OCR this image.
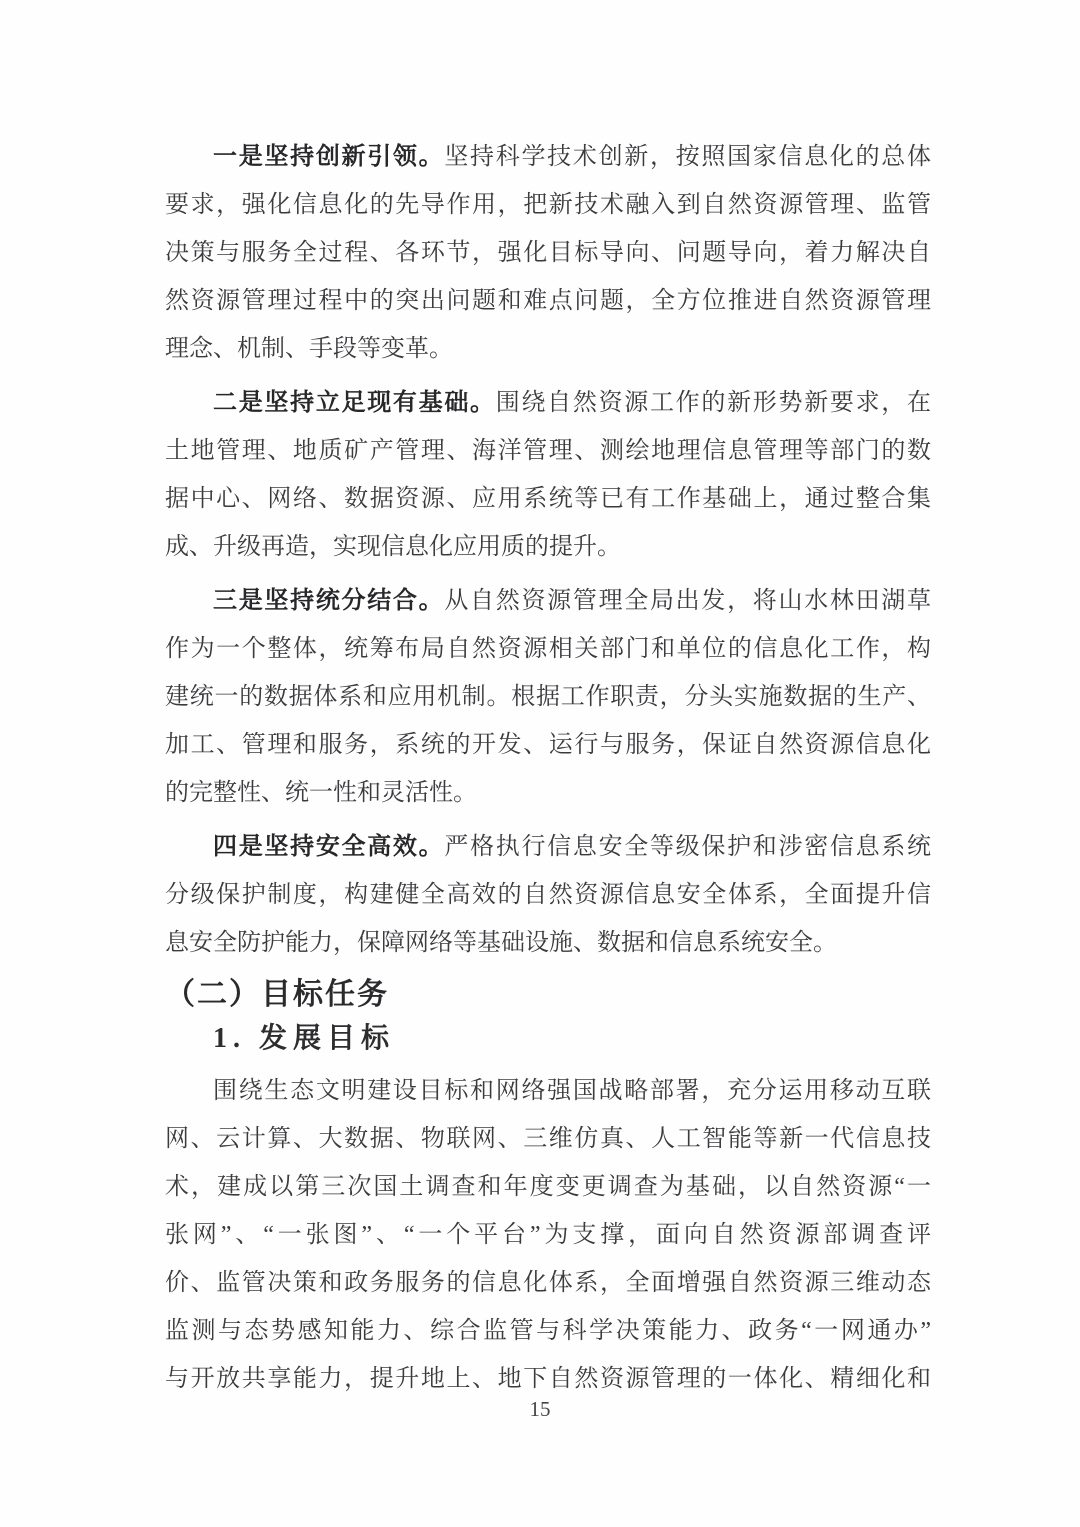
一是坚持创新引领。坚持科学技术创新，按照国家信息化的总体
要求，强化信息化的先导作用，把新技术融入到自然资源管理、监管
决策与服务全过程、各环节，强化目标导向、问题导向，着力解决自
然资源管理过程中的突出问题和难点问题，全方位推进自然资源管理
理念、机制、手段等变革。
二是坚持立足现有基础。围绕自然资源工作的新形势新要求，在
土地管理、地质矿产管理、海洋管理、测绘地理信息管理等部门的数
据中心、网络、数据资源、应用系统等已有工作基础上，通过整合集
成、升级再造，实现信息化应用质的提升。
三是坚持统分结合。从自然资源管理全局出发，将山水林田湖草
作为一个整体，统筹布局自然资源相关部门和单位的信息化工作，构
建统一的数据体系和应用机制。根据工作职责，分头实施数据的生产、
加工、管理和服务，系统的开发、运行与服务，保证自然资源信息化
的完整性、统一性和灵活性。
四是坚持安全高效。严格执行信息安全等级保护和涉密信息系统
分级保护制度，构建健全高效的自然资源信息安全体系，全面提升信
息安全防护能力，保障网络等基础设施、数据和信息系统安全。
（二）目标任务
1. 发展目标
围绕生态文明建设目标和网络强国战略部署，充分运用移动互联
网、云计算、大数据、物联网、三维仿真、人工智能等新一代信息技
术，建成以第三次国土调查和年度变更调查为基础，以自然资源“一
张网”、“一张图”、“一个平台”为支撑，面向自然资源部调查评
价、监管决策和政务服务的信息化体系，全面增强自然资源三维动态
监测与态势感知能力、综合监管与科学决策能力、政务“一网通办”
与开放共享能力，提升地上、地下自然资源管理的一体化、精细化和
15
